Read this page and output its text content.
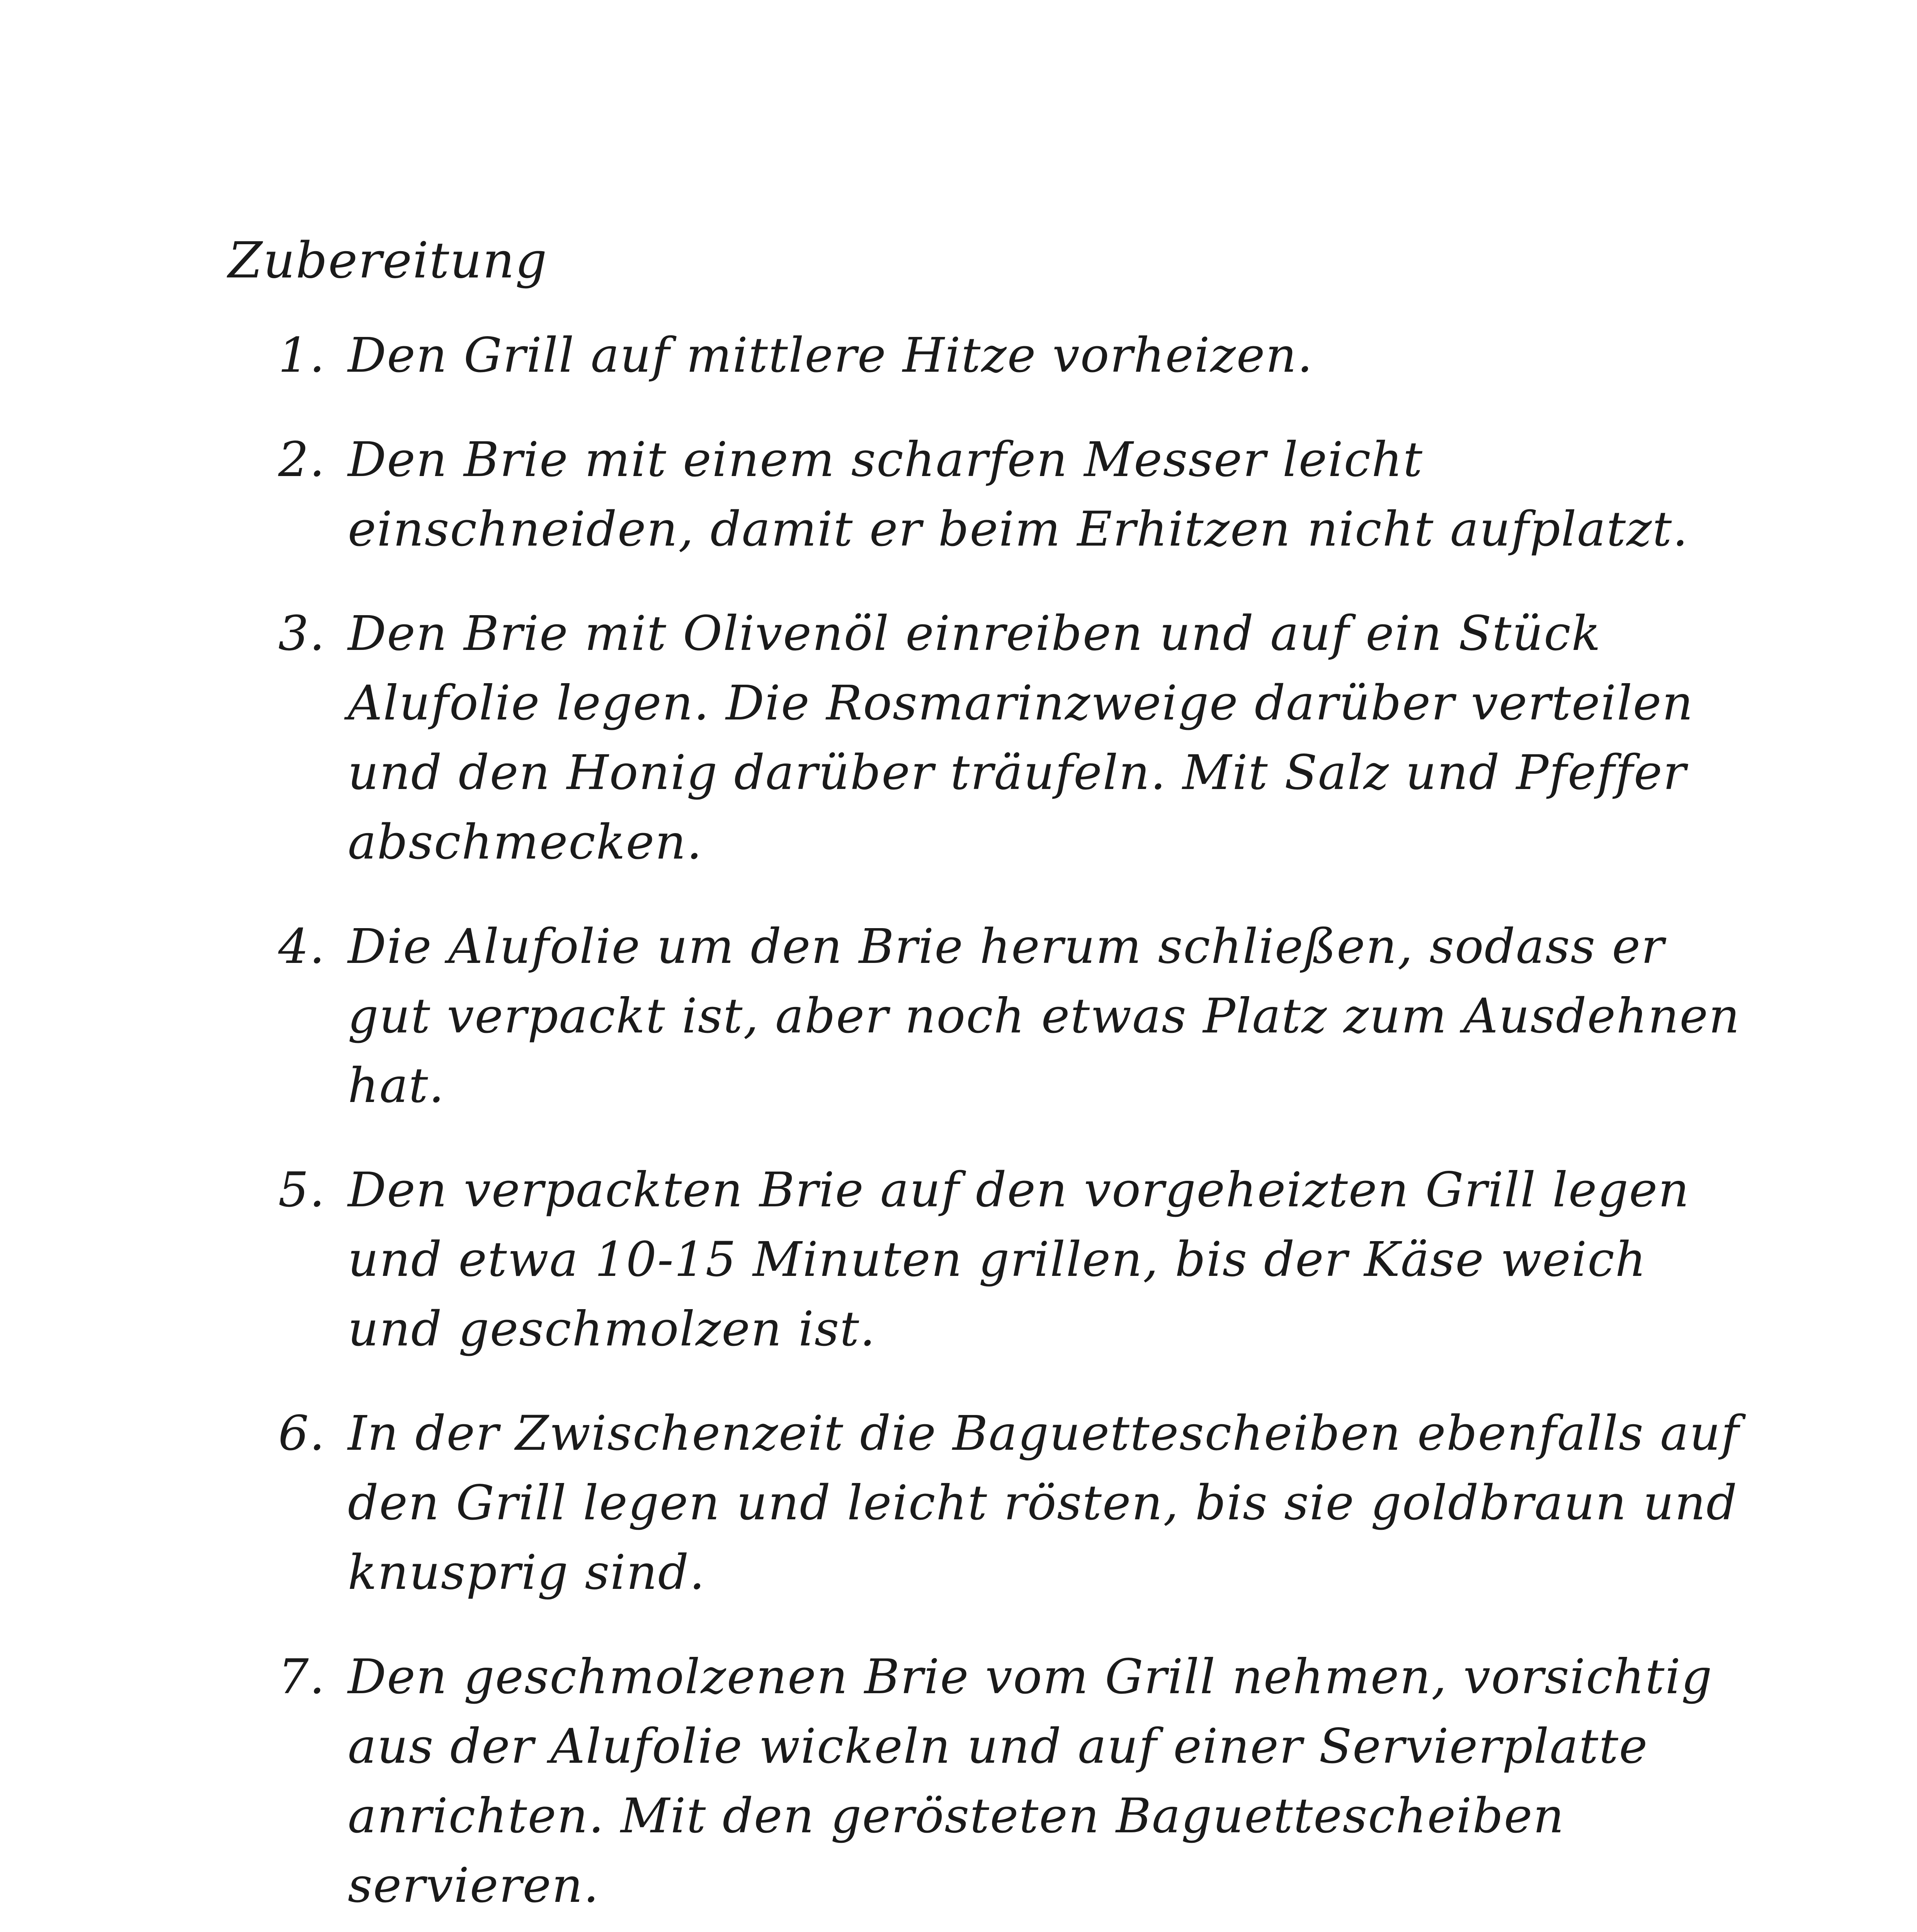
Zubereitung
1. Den Grill auf mittlere Hitze vorheizen.
2. Den Brie mit einem scharfen Messer leicht einschneiden, damit er beim Erhitzen nicht aufplatzt.
3. Den Brie mit Olivenöl einreiben und auf ein Stück Alufolie legen. Die Rosmarinzweige darüber verteilen und den Honig darüber träufeln. Mit Salz und Pfeffer abschmecken.
4. Die Alufolie um den Brie herum schließen, sodass er gut verpackt ist, aber noch etwas Platz zum Ausdehnen hat.
5. Den verpackten Brie auf den vorgeheizten Grill legen und etwa 10-15 Minuten grillen, bis der Käse weich und geschmolzen ist.
6. In der Zwischenzeit die Baguettescheiben ebenfalls auf den Grill legen und leicht rösten, bis sie goldbraun und knusprig sind.
7. Den geschmolzenen Brie vom Grill nehmen, vorsichtig aus der Alufolie wickeln und auf einer Servierplatte anrichten. Mit den gerösteten Baguettescheiben servieren.
